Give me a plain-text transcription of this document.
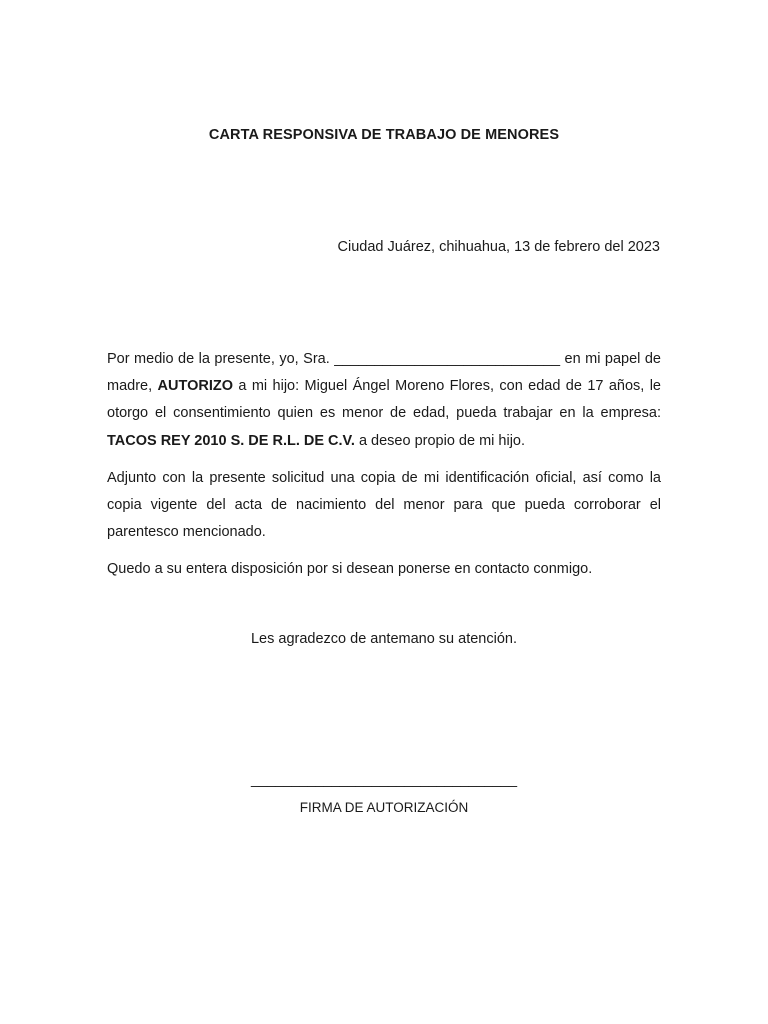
CARTA RESPONSIVA DE TRABAJO DE MENORES
Ciudad Juárez, chihuahua, 13 de febrero del 2023

Por medio de la presente, yo, Sra. ____________________________ en mi papel de madre, AUTORIZO a mi hijo: Miguel Ángel Moreno Flores, con edad de 17 años, le otorgo el consentimiento quien es menor de edad, pueda trabajar en la empresa: TACOS REY 2010 S. DE R.L. DE C.V. a deseo propio de mi hijo.

Adjunto con la presente solicitud una copia de mi identificación oficial, así como la copia vigente del acta de nacimiento del menor para que pueda corroborar el parentesco mencionado.

Quedo a su entera disposición por si desean ponerse en contacto conmigo.

Les agradezco de antemano su atención.
_________________________________
FIRMA DE AUTORIZACIÓN
